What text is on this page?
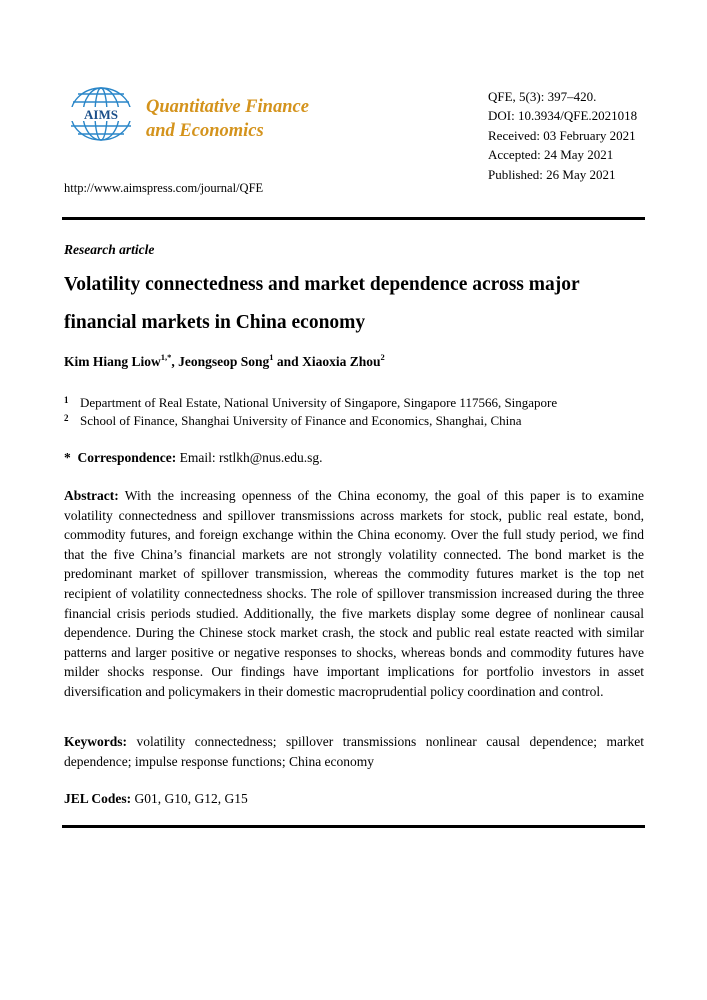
AIMS Quantitative Finance
and Economics
QFE, 5(3): 397–420.
DOI: 10.3934/QFE.2021018
Received: 03 February 2021
Accepted: 24 May 2021
Published: 26 May 2021
http://www.aimspress.com/journal/QFE
Research article
Volatility connectedness and market dependence across major financial markets in China economy
Kim Hiang Liow$^{1,*}$, Jeongseop Song$^1$ and Xiaoxia Zhou$^2$
1 Department of Real Estate, National University of Singapore, Singapore 117566, Singapore
2 School of Finance, Shanghai University of Finance and Economics, Shanghai, China
* Correspondence: Email: rstlkh@nus.edu.sg.
Abstract: With the increasing openness of the China economy, the goal of this paper is to examine volatility connectedness and spillover transmissions across markets for stock, public real estate, bond, commodity futures, and foreign exchange within the China economy. Over the full study period, we find that the five China’s financial markets are not strongly volatility connected. The bond market is the predominant market of spillover transmission, whereas the commodity futures market is the top net recipient of volatility connectedness shocks. The role of spillover transmission increased during the three financial crisis periods studied. Additionally, the five markets display some degree of nonlinear causal dependence. During the Chinese stock market crash, the stock and public real estate reacted with similar patterns and larger positive or negative responses to shocks, whereas bonds and commodity futures have milder shocks response. Our findings have important implications for portfolio investors in asset diversification and policymakers in their domestic macroprudential policy coordination and control.
Keywords: volatility connectedness; spillover transmissions nonlinear causal dependence; market dependence; impulse response functions; China economy
JEL Codes: G01, G10, G12, G15
